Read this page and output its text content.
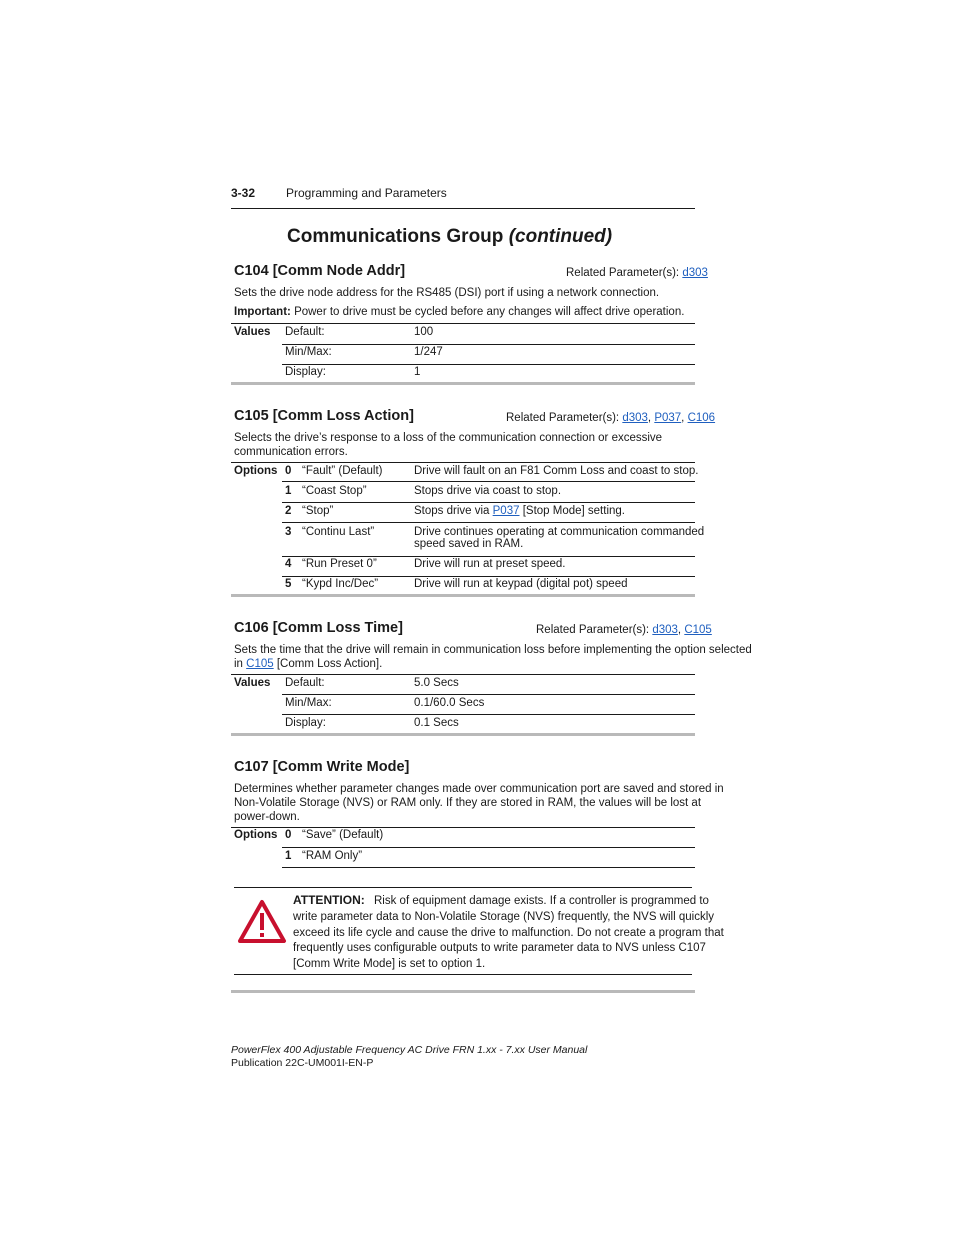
3-32	Programming and Parameters
Communications Group (continued)
C104 [Comm Node Addr]	Related Parameter(s): d303
Sets the drive node address for the RS485 (DSI) port if using a network connection.
Important: Power to drive must be cycled before any changes will affect drive operation.
Values Default:	100
Min/Max:	1/247
Display:	1
C105 [Comm Loss Action]	Related Parameter(s): d303, P037, C106
Selects the drive’s response to a loss of the communication connection or excessive communication errors.
Options 0 “Fault” (Default)	Drive will fault on an F81 Comm Loss and coast to stop.
1 “Coast Stop”	Stops drive via coast to stop.
2 “Stop”	Stops drive via P037 [Stop Mode] setting.
3 “Continu Last”	Drive continues operating at communication commanded
speed saved in RAM.
4 “Run Preset 0”	Drive will run at preset speed.
5 “Kypd Inc/Dec”	Drive will run at keypad (digital pot) speed
C106 [Comm Loss Time]	Related Parameter(s): d303, C105
Sets the time that the drive will remain in communication loss before implementing the option selected
in C105 [Comm Loss Action].
Values Default:	5.0 Secs
Min/Max:	0.1/60.0 Secs
Display:	0.1 Secs
C107 [Comm Write Mode]
Determines whether parameter changes made over communication port are saved and stored in
Non-Volatile Storage (NVS) or RAM only. If they are stored in RAM, the values will be lost at
power-down.
Options 0 “Save” (Default)
1 “RAM Only”
ATTENTION: Risk of equipment damage exists. If a controller is programmed to
write parameter data to Non-Volatile Storage (NVS) frequently, the NVS will quickly
exceed its life cycle and cause the drive to malfunction. Do not create a program that
frequently uses configurable outputs to write parameter data to NVS unless C107
[Comm Write Mode] is set to option 1.
PowerFlex 400 Adjustable Frequency AC Drive FRN 1.xx - 7.xx User Manual
Publication 22C-UM001I-EN-P
